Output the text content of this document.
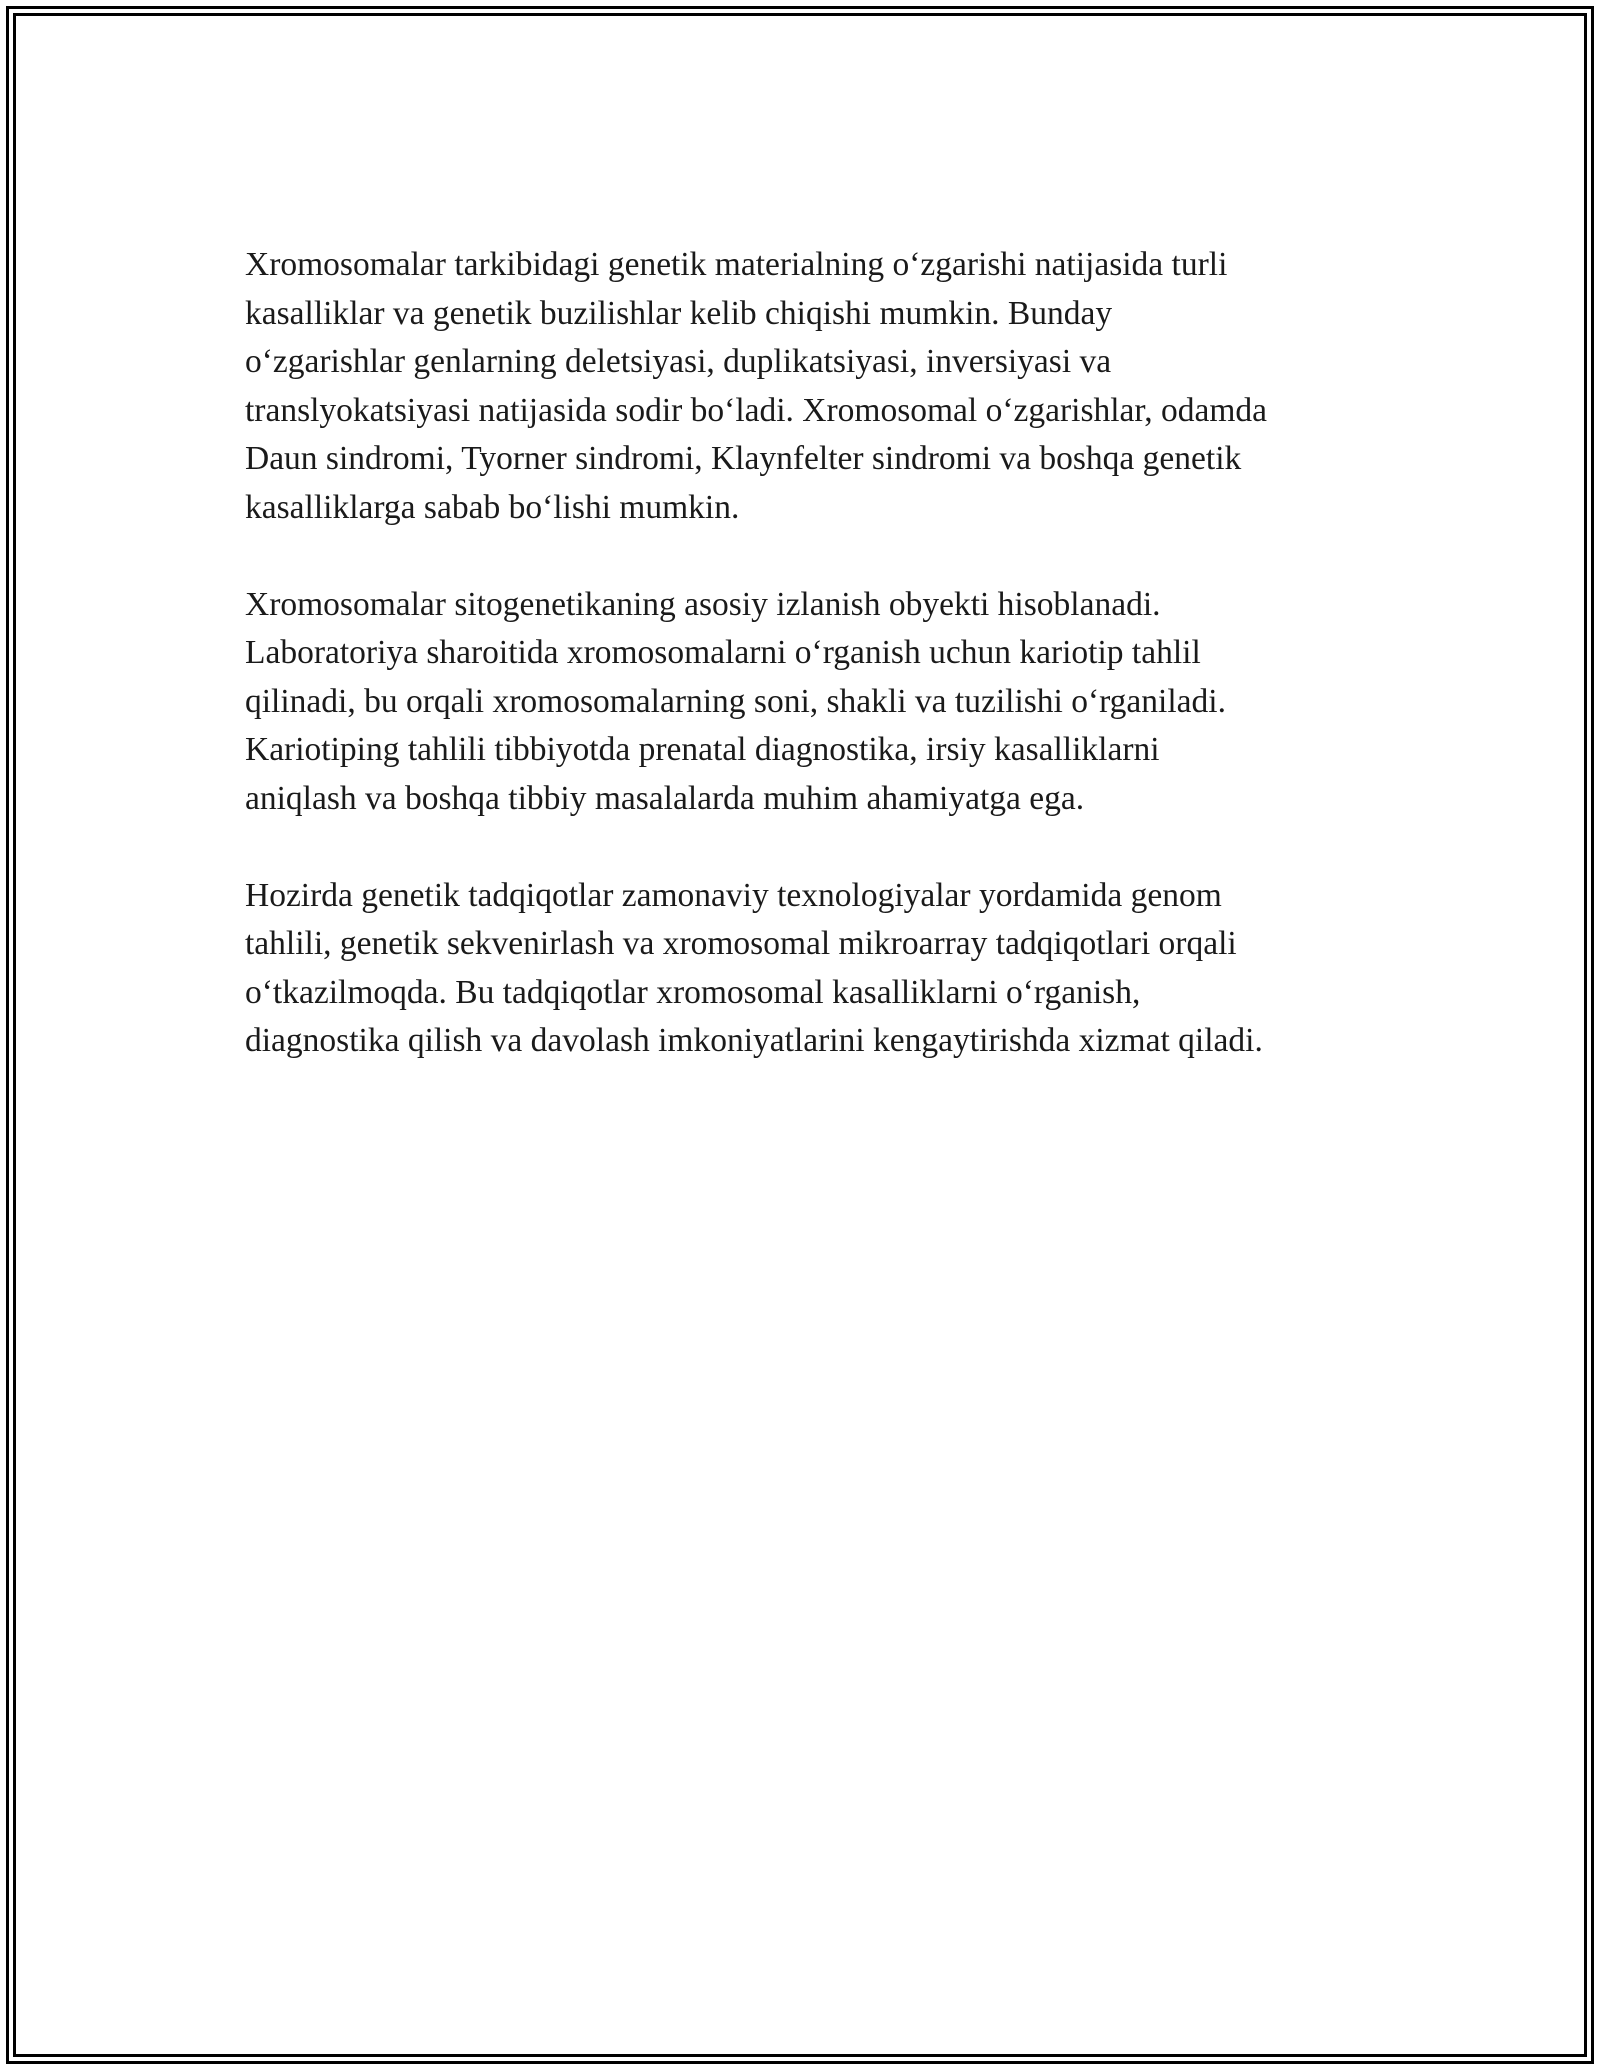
Xromosomalar tarkibidagi genetik materialning o‘zgarishi natijasida turli
kasalliklar va genetik buzilishlar kelib chiqishi mumkin. Bunday
o‘zgarishlar genlarning deletsiyasi, duplikatsiyasi, inversiyasi va
translyokatsiyasi natijasida sodir bo‘ladi. Xromosomal o‘zgarishlar, odamda
Daun sindromi, Tyorner sindromi, Klaynfelter sindromi va boshqa genetik
kasalliklarga sabab bo‘lishi mumkin.

Xromosomalar sitogenetikaning asosiy izlanish obyekti hisoblanadi.
Laboratoriya sharoitida xromosomalarni o‘rganish uchun kariotip tahlil
qilinadi, bu orqali xromosomalarning soni, shakli va tuzilishi o‘rganiladi.
Kariotiping tahlili tibbiyotda prenatal diagnostika, irsiy kasalliklarni
aniqlash va boshqa tibbiy masalalarda muhim ahamiyatga ega.

Hozirda genetik tadqiqotlar zamonaviy texnologiyalar yordamida genom
tahlili, genetik sekvenirlash va xromosomal mikroarray tadqiqotlari orqali
o‘tkazilmoqda. Bu tadqiqotlar xromosomal kasalliklarni o‘rganish,
diagnostika qilish va davolash imkoniyatlarini kengaytirishda xizmat qiladi.
